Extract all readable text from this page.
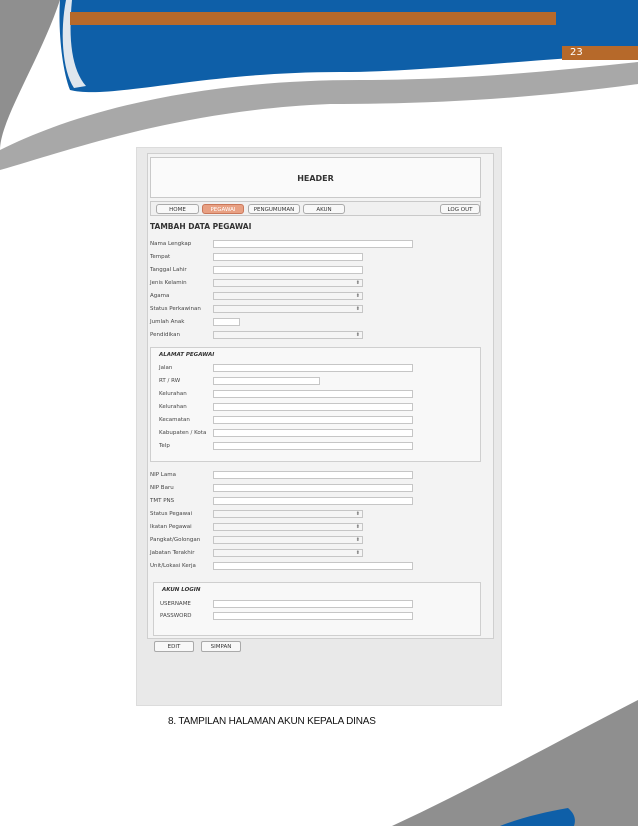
23
HEADER
HOME	PEGAWAI	PENGUMUMAN	AKUN	LOG OUT
TAMBAH DATA PEGAWAI
Nama Lengkap
Tempat
Tanggal Lahir
Jenis Kelamin	⬍
Agama	⬍
Status Perkawinan	⬍
Jumlah Anak
Pendidikan	⬍
ALAMAT PEGAWAI
Jalan
RT / RW
Kelurahan
Kelurahan
Kecamatan
Kabupaten / Kota
Telp
NIP Lama
NIP Baru
TMT PNS
Status Pegawai	⬍
Ikatan Pegawai	⬍
Pangkat/Golongan	⬍
Jabatan Terakhir	⬍
Unit/Lokasi Kerja
AKUN LOGIN
USERNAME
PASSWORD
EDIT	SIMPAN
8. TAMPILAN HALAMAN AKUN KEPALA DINAS
